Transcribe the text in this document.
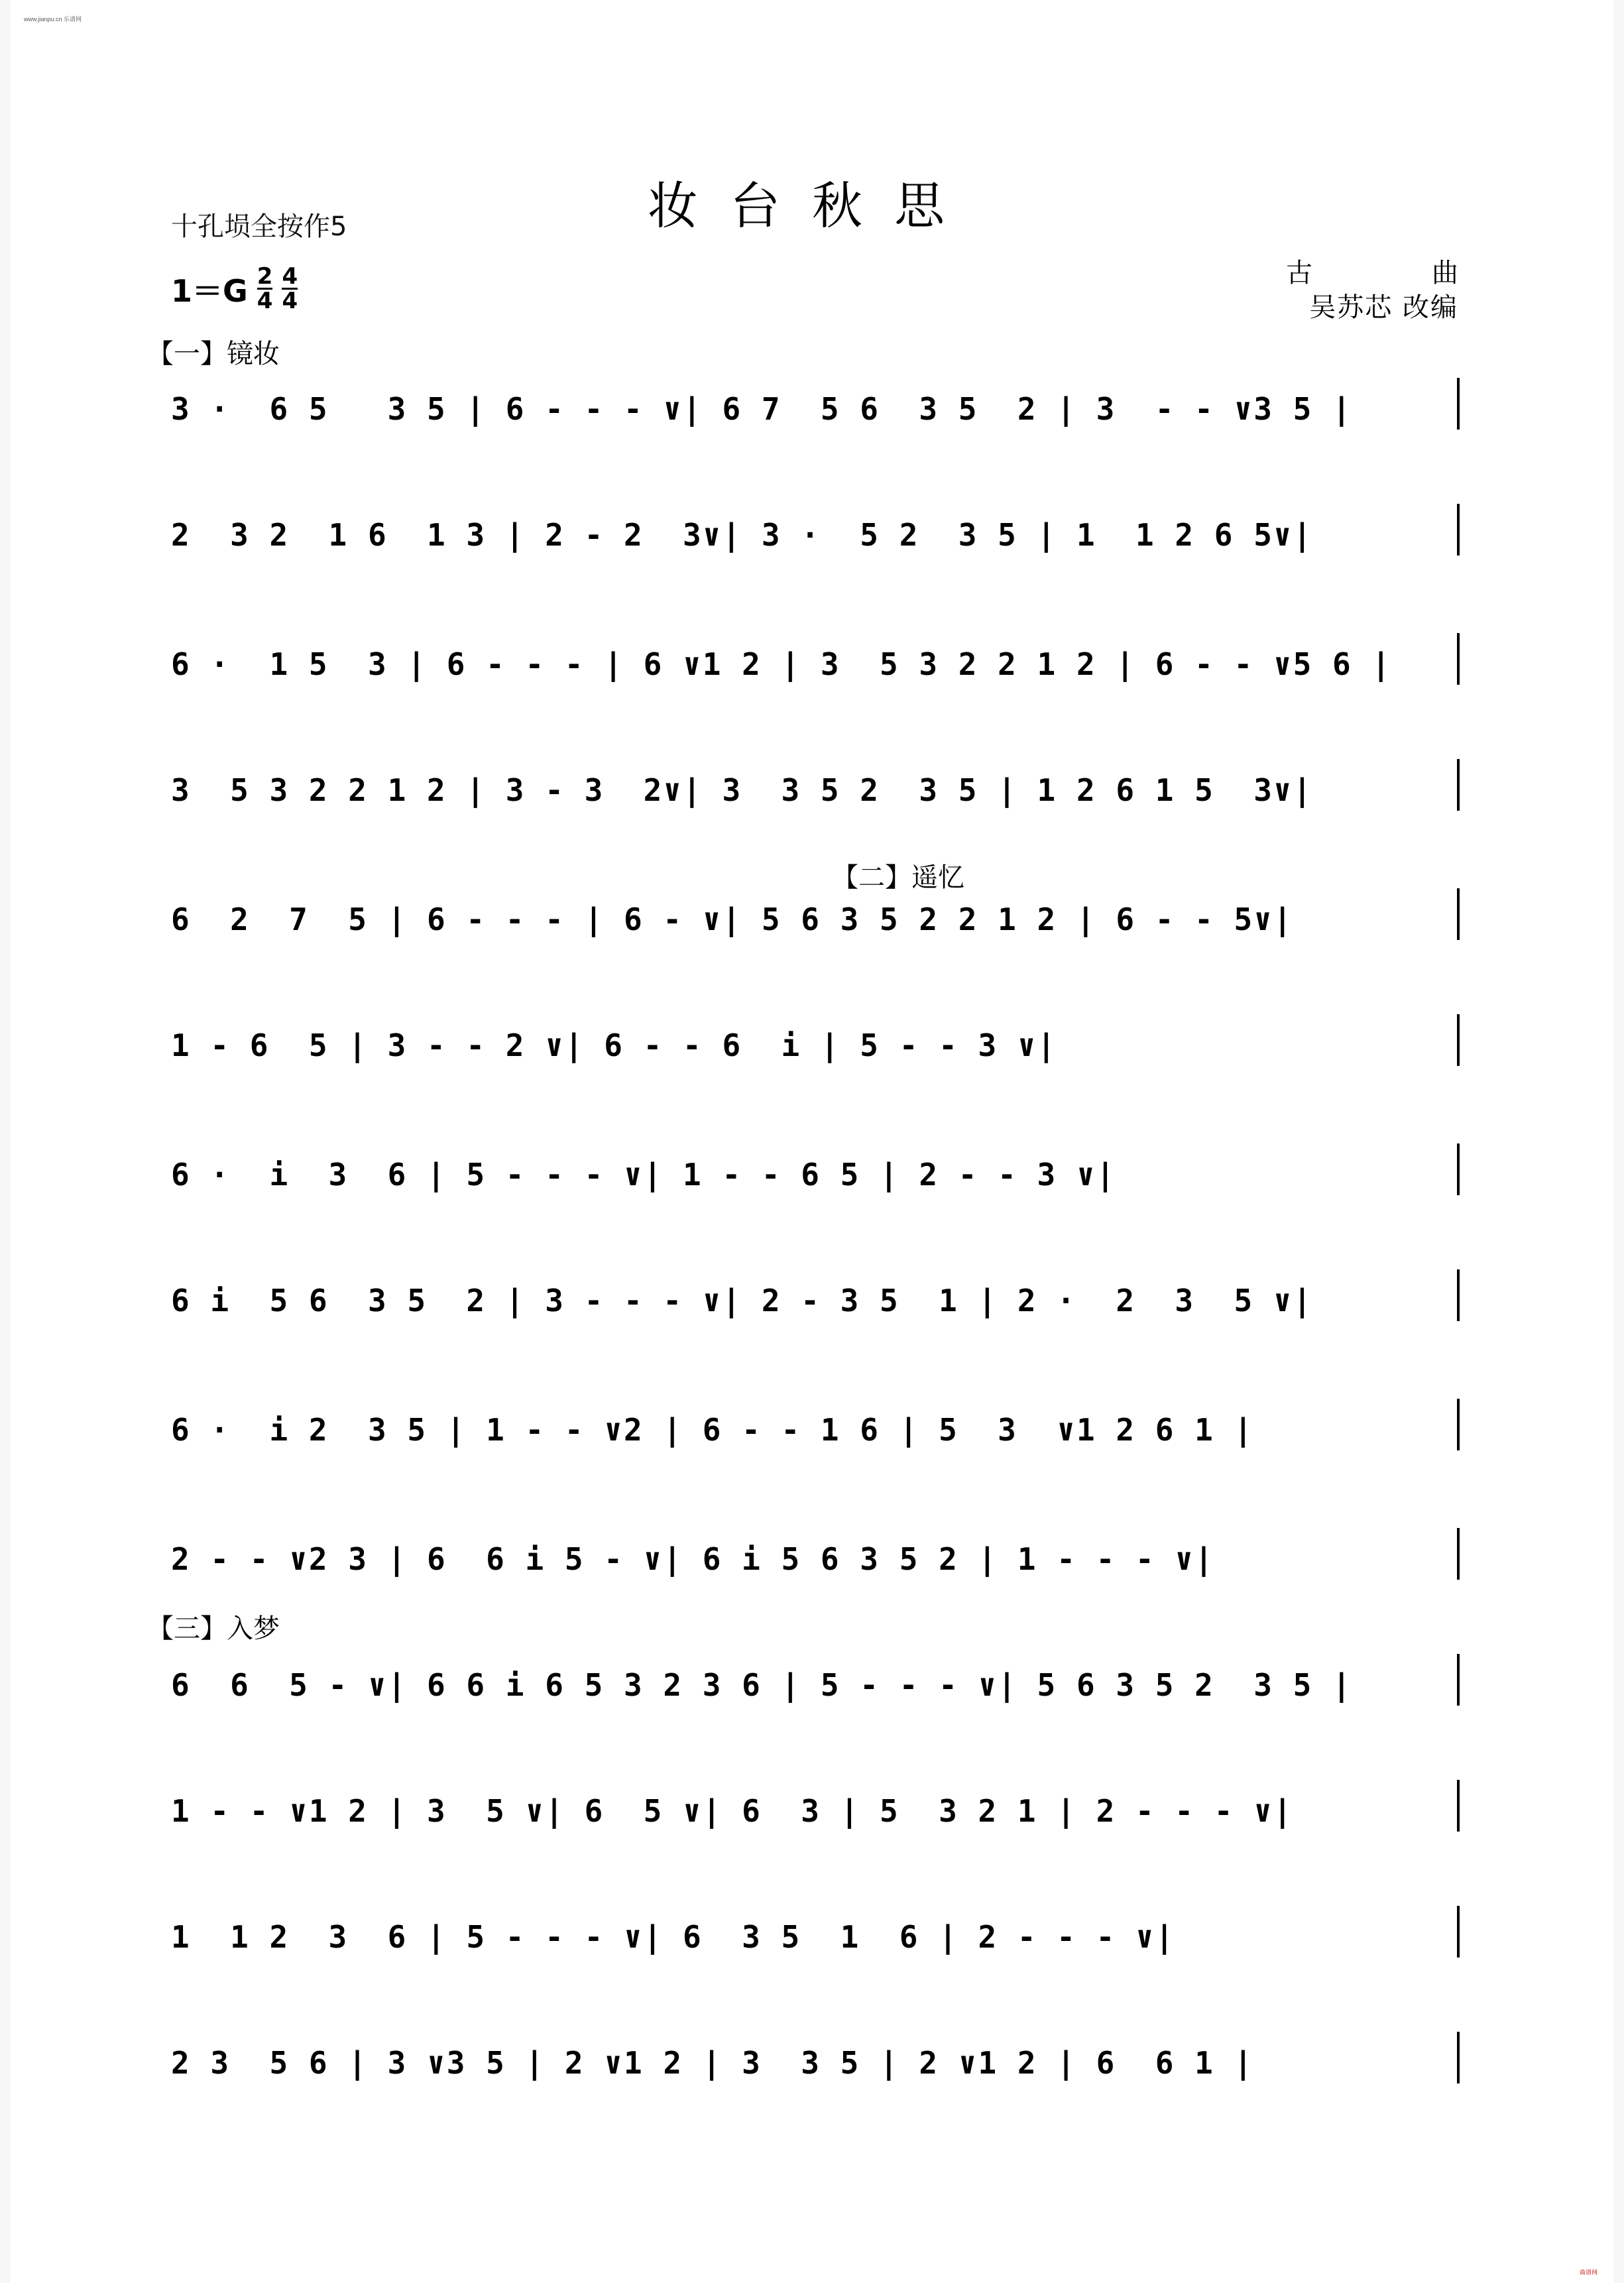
www.jianpu.cn 乐谱网
曲谱网
妆台秋思
十孔埙全按作5
$1=G \frac{2}{4} \frac{4}{4}$	古	曲
吴苏芯 改编
【一】镜妆
【二】遥忆
【三】入梦
3 ·  6 5   3 5 | 6 - - - ∨| 6 7  5 6  3 5  2 | 3  - - ∨3 5 |
2  3 2  1 6  1 3 | 2 - 2  3∨| 3 ·  5 2  3 5 | 1  1 2 6 5∨|
6 ·  1 5  3 | 6 - - - | 6 ∨1 2 | 3  5 3 2 2 1 2 | 6 - - ∨5 6 |
3  5 3 2 2 1 2 | 3 - 3  2∨| 3  3 5 2  3 5 | 1 2 6 1 5  3∨|
6  2  7  5 | 6 - - - | 6 - ∨| 5 6 3 5 2 2 1 2 | 6 - - 5∨|
1 - 6  5 | 3 - - 2 ∨| 6 - - 6  i | 5 - - 3 ∨|
6 ·  i  3  6 | 5 - - - ∨| 1 - - 6 5 | 2 - - 3 ∨|
6 i  5 6  3 5  2 | 3 - - - ∨| 2 - 3 5  1 | 2 ·  2  3  5 ∨|
6 ·  i 2  3 5 | 1 - - ∨2 | 6 - - 1 6 | 5  3  ∨1 2 6 1 |
2 - - ∨2 3 | 6  6 i 5 - ∨| 6 i 5 6 3 5 2 | 1 - - - ∨|
6  6  5 - ∨| 6 6 i 6 5 3 2 3 6 | 5 - - - ∨| 5 6 3 5 2  3 5 |
1 - - ∨1 2 | 3  5 ∨| 6  5 ∨| 6  3 | 5  3 2 1 | 2 - - - ∨|
1  1 2  3  6 | 5 - - - ∨| 6  3 5  1  6 | 2 - - - ∨|
2 3  5 6 | 3 ∨3 5 | 2 ∨1 2 | 3  3 5 | 2 ∨1 2 | 6  6 1 |
